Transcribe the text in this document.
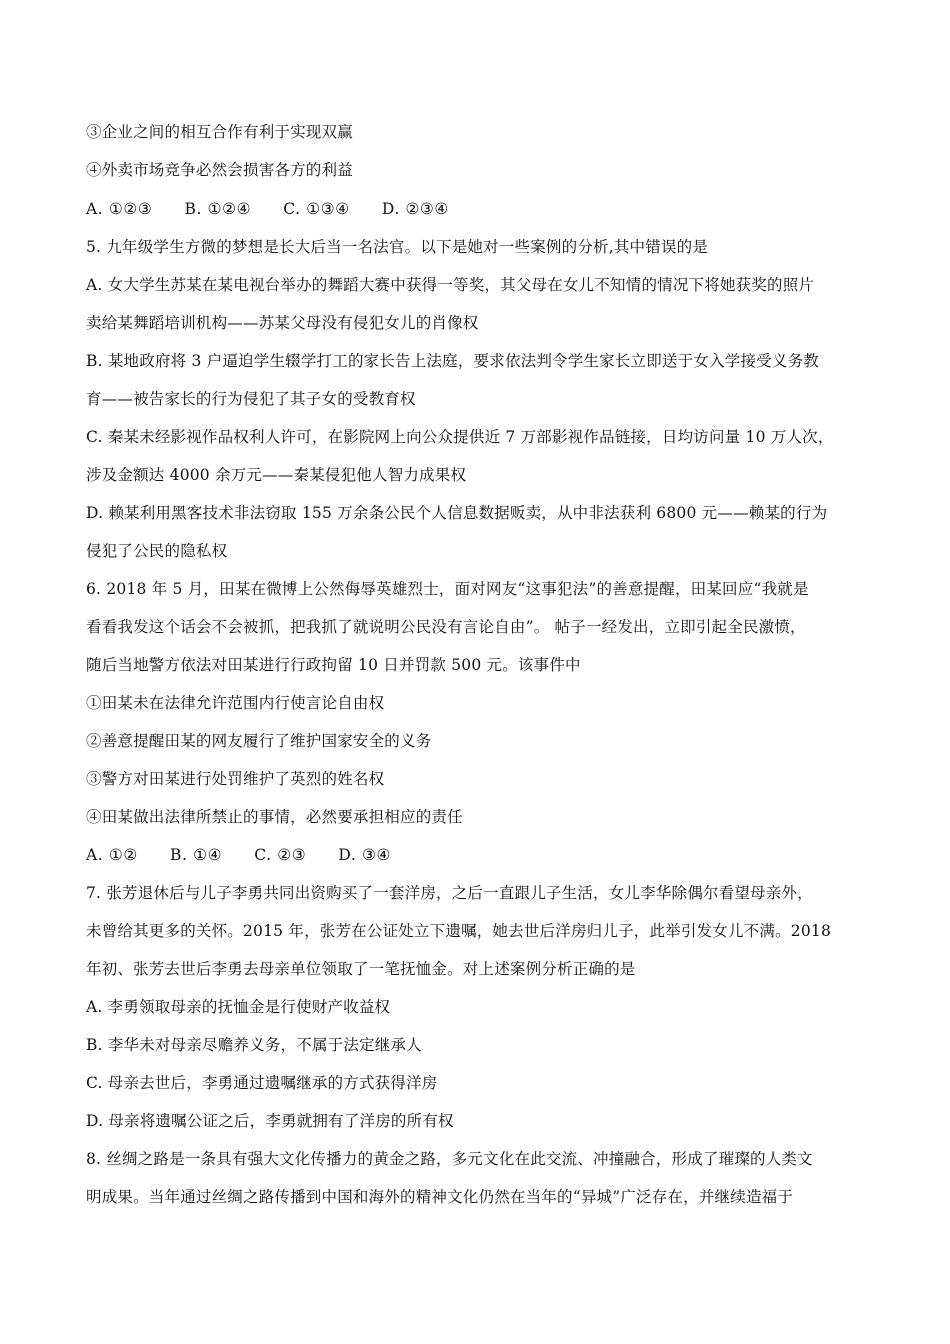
③企业之间的相互合作有利于实现双赢
④外卖市场竞争必然会损害各方的利益
A. ①②③　　B. ①②④　　C. ①③④　　D. ②③④
5. 九年级学生方微的梦想是长大后当一名法官。以下是她对一些案例的分析,其中错误的是
A. 女大学生苏某在某电视台举办的舞蹈大赛中获得一等奖，其父母在女儿不知情的情况下将她获奖的照片
卖给某舞蹈培训机构——苏某父母没有侵犯女儿的肖像权
B. 某地政府将 3 户逼迫学生辍学打工的家长告上法庭，要求依法判令学生家长立即送于女入学接受义务教
育——被告家长的行为侵犯了其子女的受教育权
C. 秦某未经影视作品权利人许可，在影院网上向公众提供近 7 万部影视作品链接，日均访问量 10 万人次，
涉及金额达 4000 余万元——秦某侵犯他人智力成果权
D. 赖某利用黑客技术非法窃取 155 万余条公民个人信息数据贩卖，从中非法获利 6800 元——赖某的行为
侵犯了公民的隐私权
6. 2018 年 5 月，田某在微博上公然侮辱英雄烈士，面对网友“这事犯法”的善意提醒，田某回应“我就是
看看我发这个话会不会被抓，把我抓了就说明公民没有言论自由”。 帖子一经发出，立即引起全民激愤，
随后当地警方依法对田某进行行政拘留 10 日并罚款 500 元。该事件中
①田某未在法律允许范围内行使言论自由权
②善意提醒田某的网友履行了维护国家安全的义务
③警方对田某进行处罚维护了英烈的姓名权
④田某做出法律所禁止的事情，必然要承担相应的责任
A. ①②　　B. ①④　　C. ②③　　D. ③④
7. 张芳退休后与儿子李勇共同出资购买了一套洋房，之后一直跟儿子生活，女儿李华除偶尔看望母亲外，
未曾给其更多的关怀。2015 年，张芳在公证处立下遗嘱，她去世后洋房归儿子，此举引发女儿不满。2018
年初、张芳去世后李勇去母亲单位领取了一笔抚恤金。对上述案例分析正确的是
A. 李勇领取母亲的抚恤金是行使财产收益权
B. 李华未对母亲尽赡养义务，不属于法定继承人
C. 母亲去世后，李勇通过遗嘱继承的方式获得洋房
D. 母亲将遗嘱公证之后，李勇就拥有了洋房的所有权
8. 丝绸之路是一条具有强大文化传播力的黄金之路，多元文化在此交流、冲撞融合，形成了璀璨的人类文
明成果。当年通过丝绸之路传播到中国和海外的精神文化仍然在当年的“异城”广泛存在，并继续造福于
